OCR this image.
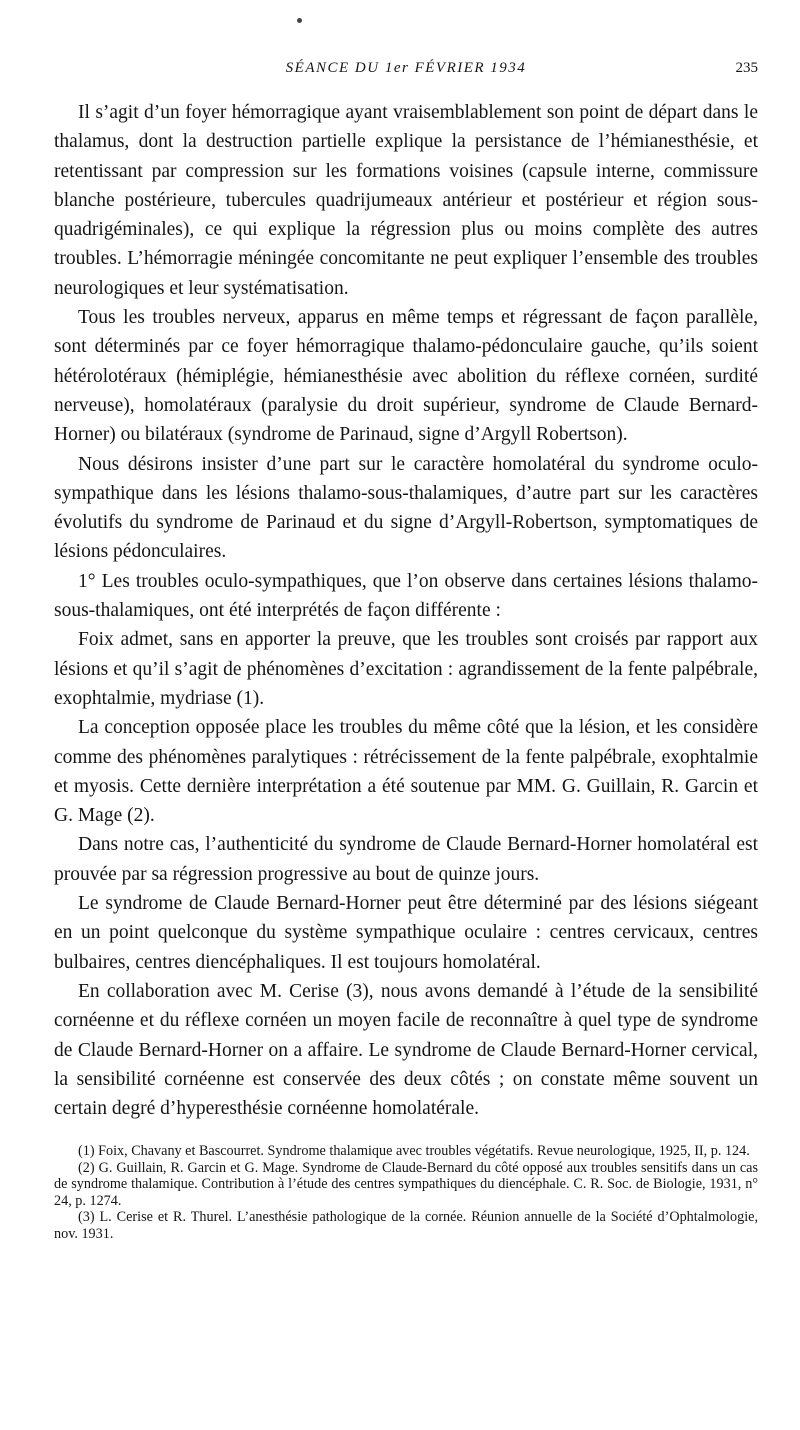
SÉANCE DU 1er FÉVRIER 1934	235

Il s’agit d’un foyer hémorragique ayant vraisemblablement son point de départ dans le thalamus, dont la destruction partielle explique la persistance de l’hémianesthésie, et retentissant par compression sur les formations voisines (capsule interne, commissure blanche postérieure, tubercules quadrijumeaux antérieur et postérieur et région sous-quadrigéminales), ce qui explique la régression plus ou moins complète des autres troubles. L’hémorragie méningée concomitante ne peut expliquer l’ensemble des troubles neurologiques et leur systématisation.

Tous les troubles nerveux, apparus en même temps et régressant de façon parallèle, sont déterminés par ce foyer hémorragique thalamo-pédonculaire gauche, qu’ils soient hétérolotéraux (hémiplégie, hémianesthésie avec abolition du réflexe cornéen, surdité nerveuse), homolatéraux (paralysie du droit supérieur, syndrome de Claude Bernard-Horner) ou bilatéraux (syndrome de Parinaud, signe d’Argyll Robertson).

Nous désirons insister d’une part sur le caractère homolatéral du syndrome oculo-sympathique dans les lésions thalamo-sous-thalamiques, d’autre part sur les caractères évolutifs du syndrome de Parinaud et du signe d’Argyll-Robertson, symptomatiques de lésions pédonculaires.

1° Les troubles oculo-sympathiques, que l’on observe dans certaines lésions thalamo-sous-thalamiques, ont été interprétés de façon différente :

Foix admet, sans en apporter la preuve, que les troubles sont croisés par rapport aux lésions et qu’il s’agit de phénomènes d’excitation : agrandissement de la fente palpébrale, exophtalmie, mydriase (1).

La conception opposée place les troubles du même côté que la lésion, et les considère comme des phénomènes paralytiques : rétrécissement de la fente palpébrale, exophtalmie et myosis. Cette dernière interprétation a été soutenue par MM. G. Guillain, R. Garcin et G. Mage (2).

Dans notre cas, l’authenticité du syndrome de Claude Bernard-Horner homolatéral est prouvée par sa régression progressive au bout de quinze jours.

Le syndrome de Claude Bernard-Horner peut être déterminé par des lésions siégeant en un point quelconque du système sympathique oculaire : centres cervicaux, centres bulbaires, centres diencéphaliques. Il est toujours homolatéral.

En collaboration avec M. Cerise (3), nous avons demandé à l’étude de la sensibilité cornéenne et du réflexe cornéen un moyen facile de reconnaître à quel type de syndrome de Claude Bernard-Horner on a affaire. Le syndrome de Claude Bernard-Horner cervical, la sensibilité cornéenne est conservée des deux côtés ; on constate même souvent un certain degré d’hyperesthésie cornéenne homolatérale.

(1) Foix, Chavany et Bascourret. Syndrome thalamique avec troubles végétatifs. Revue neurologique, 1925, II, p. 124.

(2) G. Guillain, R. Garcin et G. Mage. Syndrome de Claude-Bernard du côté opposé aux troubles sensitifs dans un cas de syndrome thalamique. Contribution à l’étude des centres sympathiques du diencéphale. C. R. Soc. de Biologie, 1931, n° 24, p. 1274.

(3) L. Cerise et R. Thurel. L’anesthésie pathologique de la cornée. Réunion annuelle de la Société d’Ophtalmologie, nov. 1931.
